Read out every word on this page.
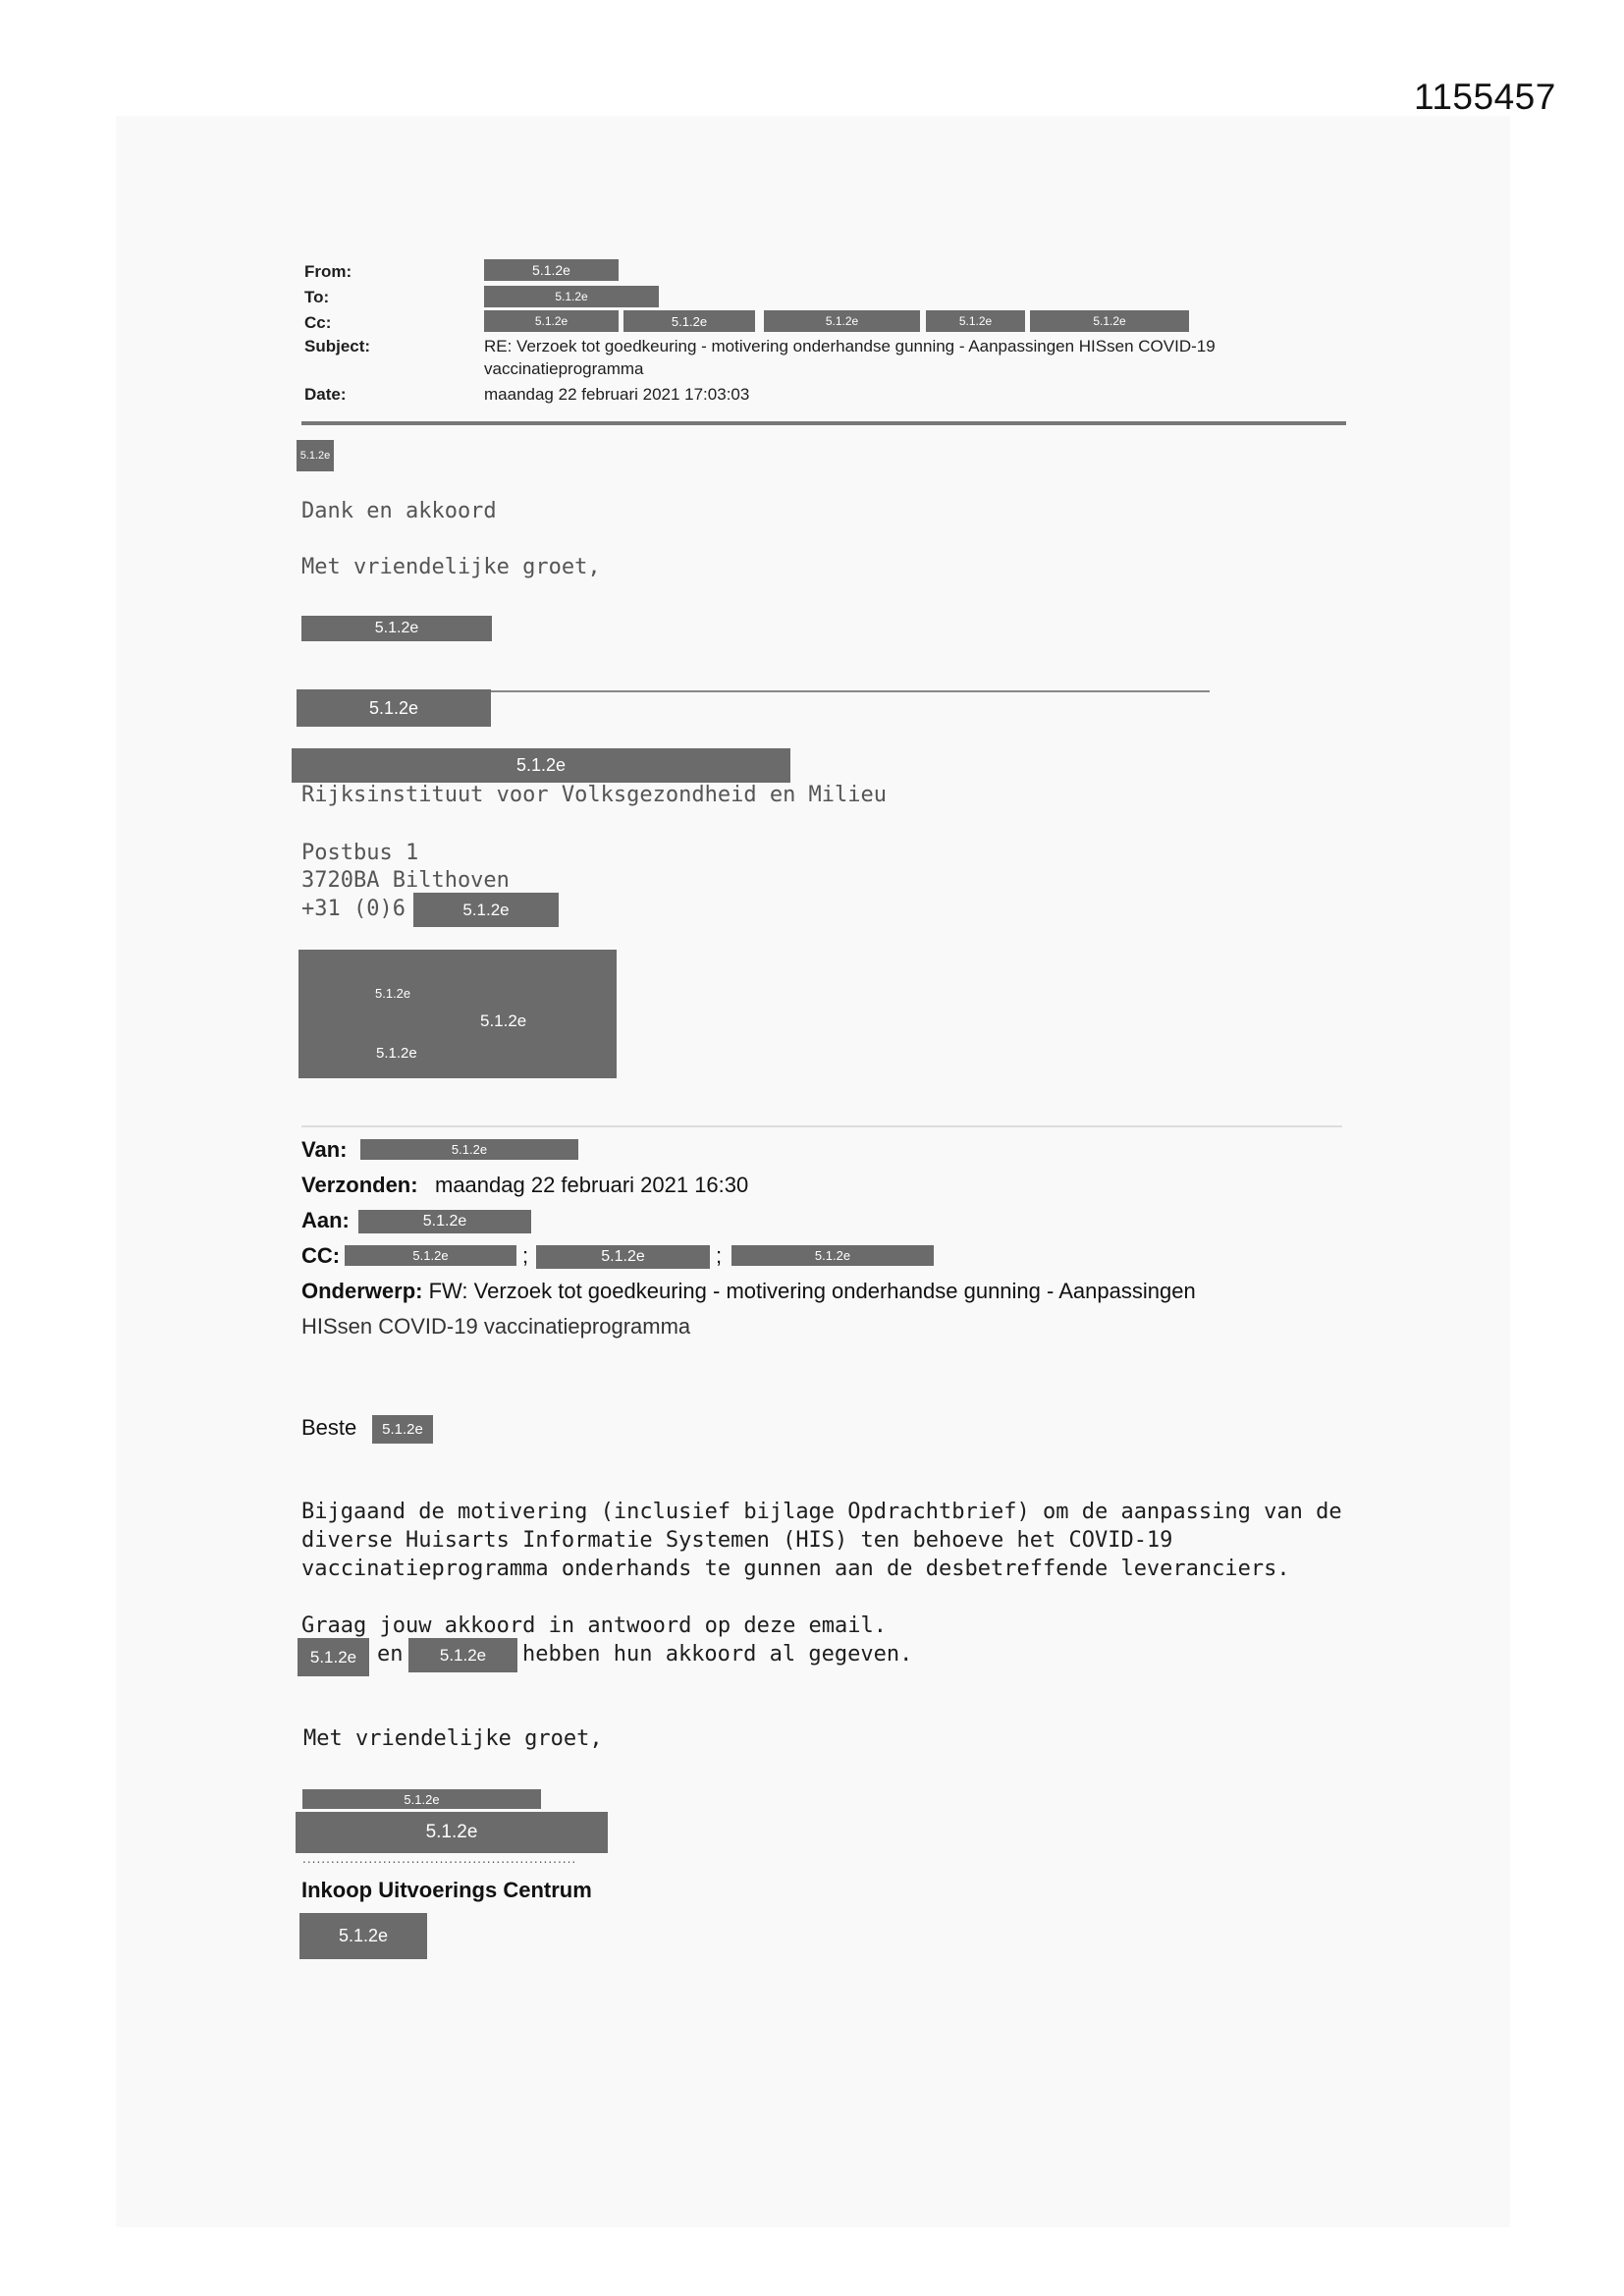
1155457
From:	5.1.2e
To:	5.1.2e
Cc:	5.1.2e	5.1.2e	5.1.2e	5.1.2e	5.1.2e
Subject:	RE: Verzoek tot goedkeuring - motivering onderhandse gunning - Aanpassingen HISsen COVID-19
vaccinatieprogramma
Date:	maandag 22 februari 2021 17:03:03
5.1.2e
Dank en akkoord
Met vriendelijke groet,
5.1.2e
5.1.2e
5.1.2e
Rijksinstituut voor Volksgezondheid en Milieu
Postbus 1
3720BA Bilthoven
+31 (0)6	5.1.2e
5.1.2e
5.1.2e
5.1.2e
Van:	5.1.2e
Verzonden: maandag 22 februari 2021 16:30
Aan:	5.1.2e
CC:	5.1.2e	;	5.1.2e	;	5.1.2e
Onderwerp: FW: Verzoek tot goedkeuring - motivering onderhandse gunning - Aanpassingen
HISsen COVID-19 vaccinatieprogramma
Beste	5.1.2e
Bijgaand de motivering (inclusief bijlage Opdrachtbrief) om de aanpassing van de
diverse Huisarts Informatie Systemen (HIS) ten behoeve het COVID-19
vaccinatieprogramma onderhands te gunnen aan de desbetreffende leveranciers.
Graag jouw akkoord in antwoord op deze email.
5.1.2e en	5.1.2e	hebben hun akkoord al gegeven.
Met vriendelijke groet,
5.1.2e
5.1.2e
..........................................................
Inkoop Uitvoerings Centrum
5.1.2e
